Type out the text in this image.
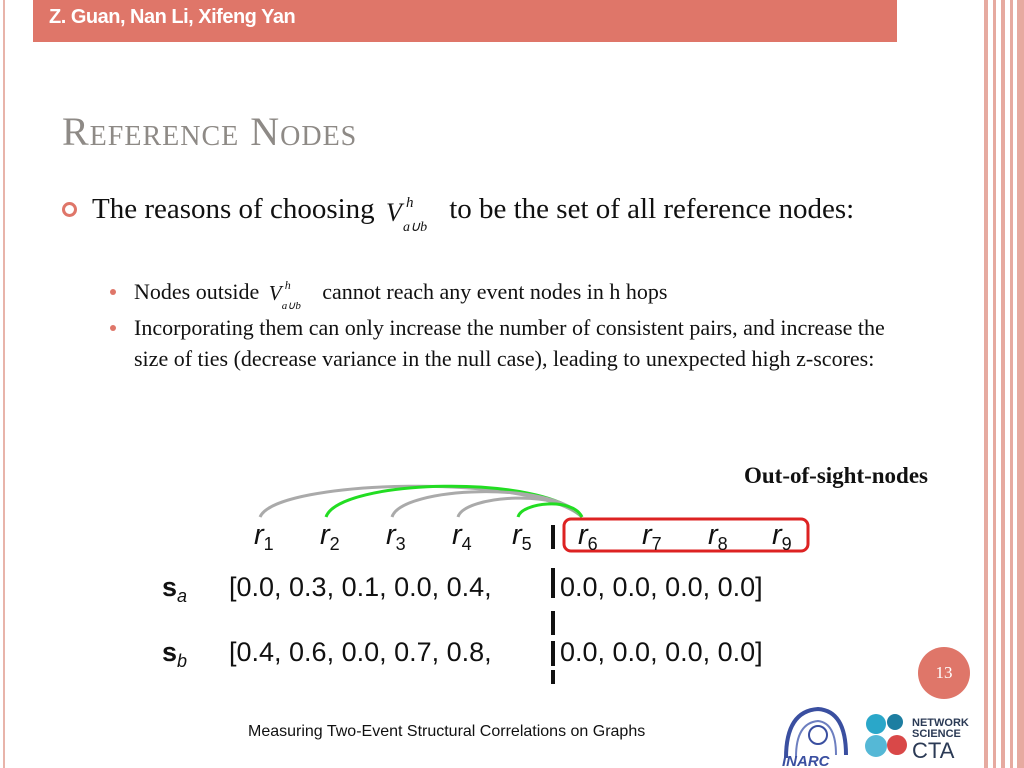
Z. Guan, Nan Li, Xifeng Yan
Reference Nodes
The reasons of choosing V h
a∪b
to be the set of all reference nodes:
Nodes outside V h
a∪b
cannot reach any event nodes in h hops
Incorporating them can only increase the number of consistent pairs, and increase the size of ties (decrease variance in the null case), leading to unexpected high z-scores:
Out-of-sight-nodes
$r_1$ $r_2$ $r_3$ $r_4$ $r_5$ $r_6$ $r_7$ $r_8$ $r_9$
$s_a$ [0.0, 0.3, 0.1, 0.0, 0.4,	0.0, 0.0, 0.0, 0.0]
$s_b$ [0.4, 0.6, 0.0, 0.7, 0.8,	0.0, 0.0, 0.0, 0.0]
13
Measuring Two-Event Structural Correlations on Graphs
INARC
NETWORK
SCIENCE
CTA
